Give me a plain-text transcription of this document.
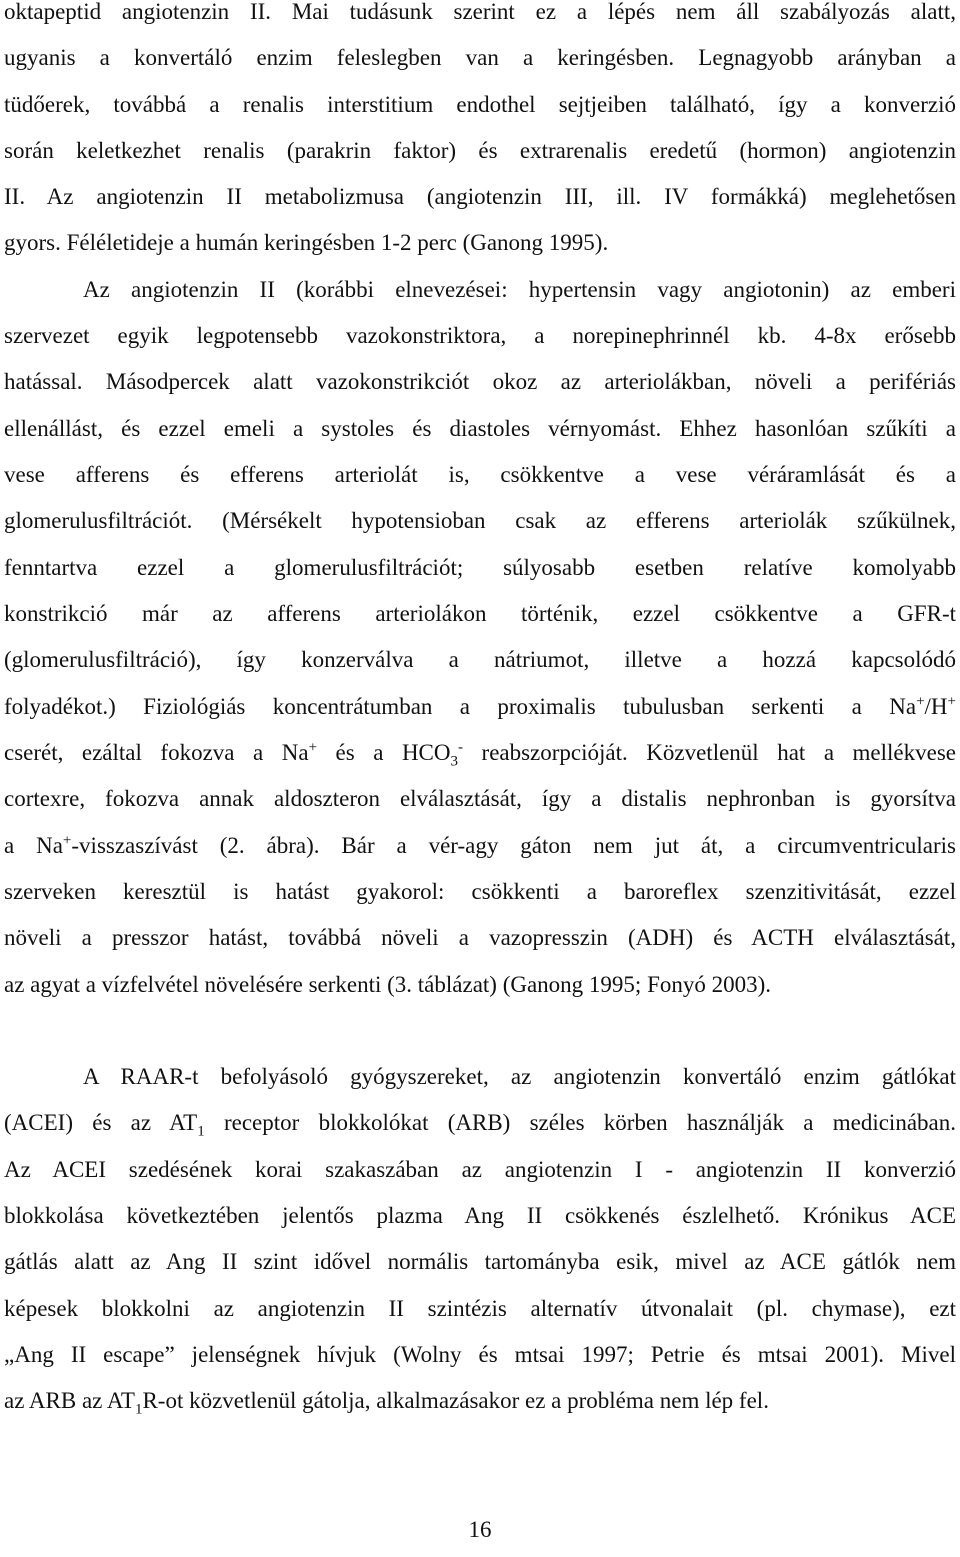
oktapeptid angiotenzin II. Mai tudásunk szerint ez a lépés nem áll szabályozás alatt,
ugyanis a konvertáló enzim feleslegben van a keringésben. Legnagyobb arányban a
tüdőerek, továbbá a renalis interstitium endothel sejtjeiben található, így a konverzió
során keletkezhet renalis (parakrin faktor) és extrarenalis eredetű (hormon) angiotenzin
II. Az angiotenzin II metabolizmusa (angiotenzin III, ill. IV formákká) meglehetősen
gyors. Féléletideje a humán keringésben 1-2 perc (Ganong 1995).
Az angiotenzin II (korábbi elnevezései: hypertensin vagy angiotonin) az emberi
szervezet egyik legpotensebb vazokonstriktora, a norepinephrinnél kb. 4-8x erősebb
hatással. Másodpercek alatt vazokonstrikciót okoz az arteriolákban, növeli a perifériás
ellenállást, és ezzel emeli a systoles és diastoles vérnyomást. Ehhez hasonlóan szűkíti a
vese afferens és efferens arteriolát is, csökkentve a vese véráramlását és a
glomerulusfiltrációt. (Mérsékelt hypotensioban csak az efferens arteriolák szűkülnek,
fenntartva ezzel a glomerulusfiltrációt; súlyosabb esetben relatíve komolyabb
konstrikció már az afferens arteriolákon történik, ezzel csökkentve a GFR-t
(glomerulusfiltráció), így konzerválva a nátriumot, illetve a hozzá kapcsolódó
folyadékot.) Fiziológiás koncentrátumban a proximalis tubulusban serkenti a Na+/H+
cserét, ezáltal fokozva a Na+ és a $HCO_3^-$ reabszorpcióját. Közvetlenül hat a mellékvese
cortexre, fokozva annak aldoszteron elválasztását, így a distalis nephronban is gyorsítva
a Na+-visszaszívást (2. ábra). Bár a vér-agy gáton nem jut át, a circumventricularis
szerveken keresztül is hatást gyakorol: csökkenti a baroreflex szenzitivitását, ezzel
növeli a presszor hatást, továbbá növeli a vazopresszin (ADH) és ACTH elválasztását,
az agyat a vízfelvétel növelésére serkenti (3. táblázat) (Ganong 1995; Fonyó 2003).
A RAAR-t befolyásoló gyógyszereket, az angiotenzin konvertáló enzim gátlókat
(ACEI) és az $AT_1$ receptor blokkolókat (ARB) széles körben használják a medicinában.
Az ACEI szedésének korai szakaszában az angiotenzin I - angiotenzin II konverzió
blokkolása következtében jelentős plazma Ang II csökkenés észlelhető. Krónikus ACE
gátlás alatt az Ang II szint idővel normális tartományba esik, mivel az ACE gátlók nem
képesek blokkolni az angiotenzin II szintézis alternatív útvonalait (pl. chymase), ezt
„Ang II escape” jelenségnek hívjuk (Wolny és mtsai 1997; Petrie és mtsai 2001). Mivel
az ARB az $AT_1R-ot$ közvetlenül gátolja, alkalmazásakor ez a probléma nem lép fel.
16
